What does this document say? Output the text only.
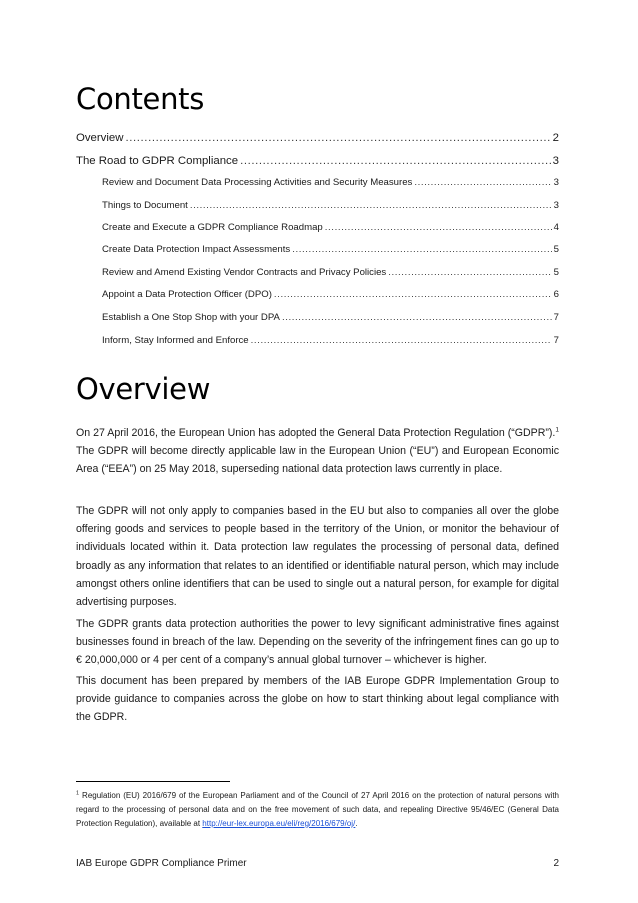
Contents
Overview .....	2
The Road to GDPR Compliance .....	3
Review and Document Data Processing Activities and Security Measures .....	3
Things to Document .....	3
Create and Execute a GDPR Compliance Roadmap .....	4
Create Data Protection Impact Assessments .....	5
Review and Amend Existing Vendor Contracts and Privacy Policies .....	5
Appoint a Data Protection Officer (DPO) .....	6
Establish a One Stop Shop with your DPA .....	7
Inform, Stay Informed and Enforce .....	7
Overview

On 27 April 2016, the European Union has adopted the General Data Protection Regulation (“GDPR”).$^1$ The GDPR will become directly applicable law in the European Union (“EU”) and European Economic Area (“EEA”) on 25 May 2018, superseding national data protection laws currently in place.

The GDPR will not only apply to companies based in the EU but also to companies all over the globe offering goods and services to people based in the territory of the Union, or monitor the behaviour of individuals located within it. Data protection law regulates the processing of personal data, defined broadly as any information that relates to an identified or identifiable natural person, which may include amongst others online identifiers that can be used to single out a natural person, for example for digital advertising purposes.

The GDPR grants data protection authorities the power to levy significant administrative fines against businesses found in breach of the law. Depending on the severity of the infringement fines can go up to € 20,000,000 or 4 per cent of a company’s annual global turnover – whichever is higher.

This document has been prepared by members of the IAB Europe GDPR Implementation Group to provide guidance to companies across the globe on how to start thinking about legal compliance with the GDPR.

$^1$ Regulation (EU) 2016/679 of the European Parliament and of the Council of 27 April 2016 on the protection of natural persons with regard to the processing of personal data and on the free movement of such data, and repealing Directive 95/46/EC (General Data Protection Regulation), available at http://eur-lex.europa.eu/eli/reg/2016/679/oj/.

IAB Europe GDPR Compliance Primer	2
